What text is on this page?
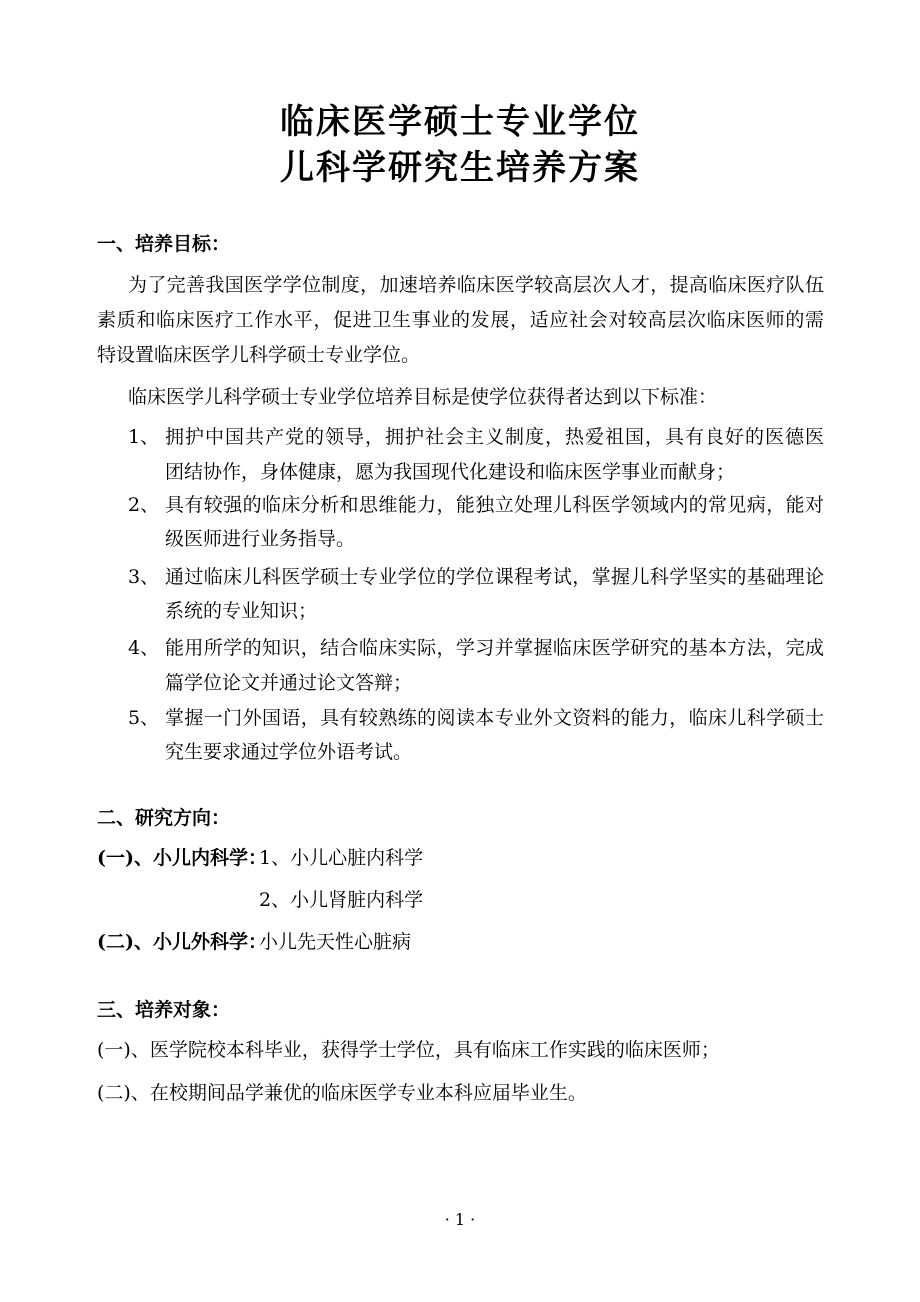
临床医学硕士专业学位
儿科学研究生培养方案
一、培养目标：
为了完善我国医学学位制度，加速培养临床医学较高层次人才，提高临床医疗队伍
素质和临床医疗工作水平，促进卫生事业的发展，适应社会对较高层次临床医师的需
特设置临床医学儿科学硕士专业学位。
临床医学儿科学硕士专业学位培养目标是使学位获得者达到以下标准：
1、 拥护中国共产党的领导，拥护社会主义制度，热爱祖国，具有良好的医德医
团结协作，身体健康，愿为我国现代化建设和临床医学事业而献身；
2、 具有较强的临床分析和思维能力，能独立处理儿科医学领域内的常见病，能对
级医师进行业务指导。
3、 通过临床儿科医学硕士专业学位的学位课程考试，掌握儿科学坚实的基础理论
系统的专业知识；
4、 能用所学的知识，结合临床实际，学习并掌握临床医学研究的基本方法，完成
篇学位论文并通过论文答辩；
5、 掌握一门外国语，具有较熟练的阅读本专业外文资料的能力，临床儿科学硕士
究生要求通过学位外语考试。
二、研究方向：
(一)、小儿内科学：
1、小儿心脏内科学
2、小儿肾脏内科学
(二)、小儿外科学：
小儿先天性心脏病
三、培养对象：
(一)、医学院校本科毕业，获得学士学位，具有临床工作实践的临床医师；
(二)、在校期间品学兼优的临床医学专业本科应届毕业生。
· 1 ·
